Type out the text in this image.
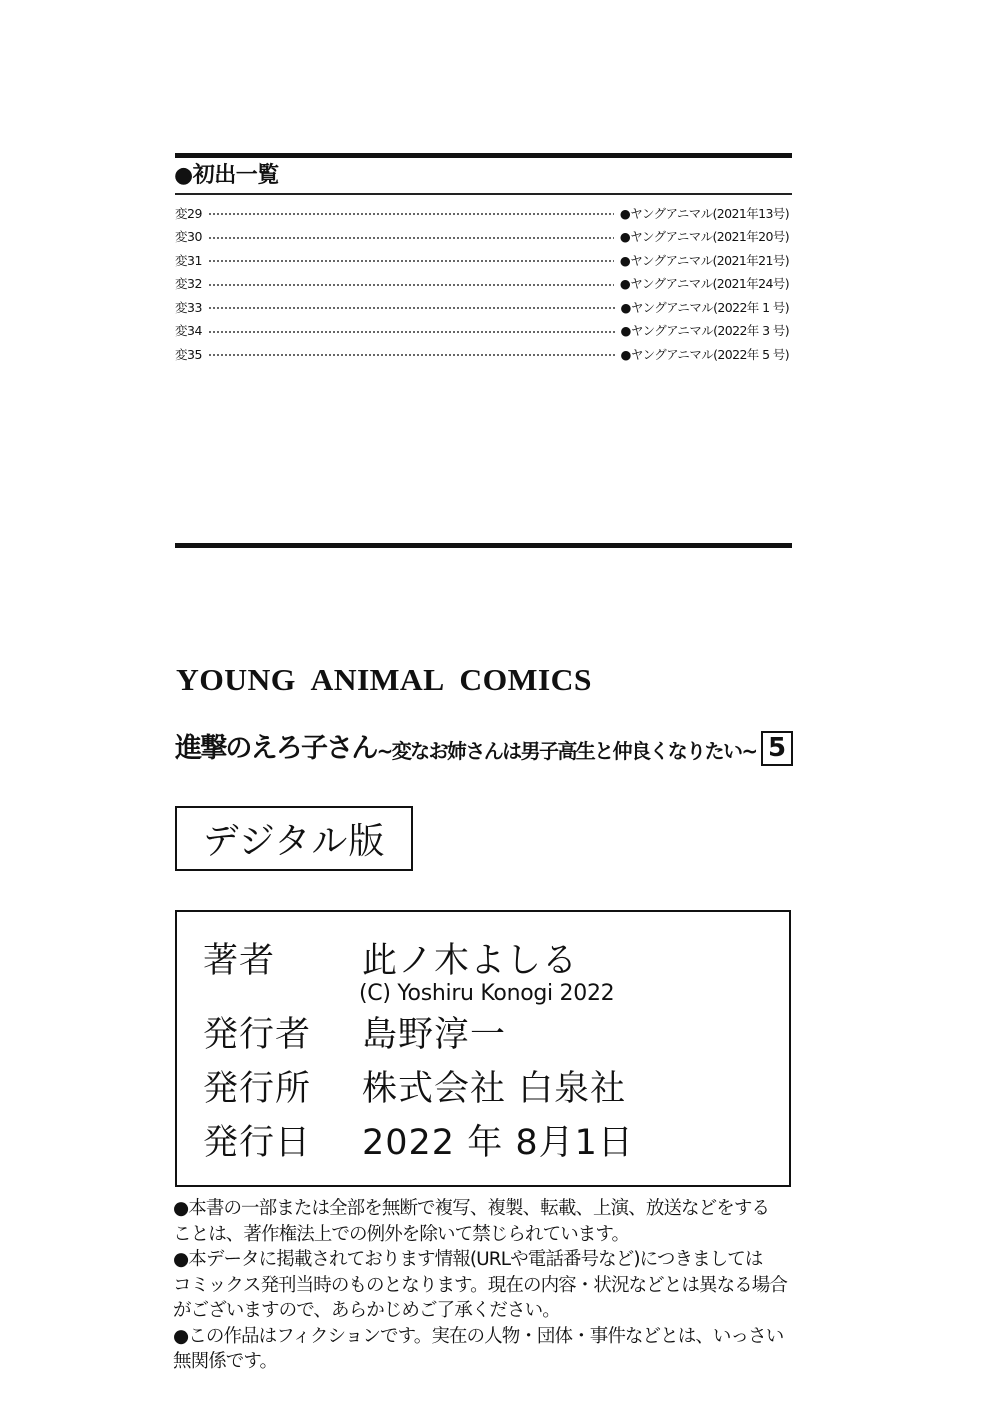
●初出一覧
変29	●ヤングアニマル(2021年13号)
変30	●ヤングアニマル(2021年20号)
変31	●ヤングアニマル(2021年21号)
変32	●ヤングアニマル(2021年24号)
変33	●ヤングアニマル(2022年 1 号)
変34	●ヤングアニマル(2022年 3 号)
変35	●ヤングアニマル(2022年 5 号)
YOUNG ANIMAL COMICS
進撃のえろ子さん ~変なお姉さんは男子高生と仲良くなりたい~ 5
デジタル版
著者 此ノ木よしる
(C) Yoshiru Konogi 2022
発行者 島野淳一
発行所 株式会社 白泉社
発行日 2022 年 8月1日
●本書の一部または全部を無断で複写、複製、転載、上演、放送などをする
ことは、著作権法上での例外を除いて禁じられています。
●本データに掲載されております情報(URLや電話番号など)につきましては
コミックス発刊当時のものとなります。現在の内容・状況などとは異なる場合
がございますので、あらかじめご了承ください。
●この作品はフィクションです。実在の人物・団体・事件などとは、いっさい
無関係です。
